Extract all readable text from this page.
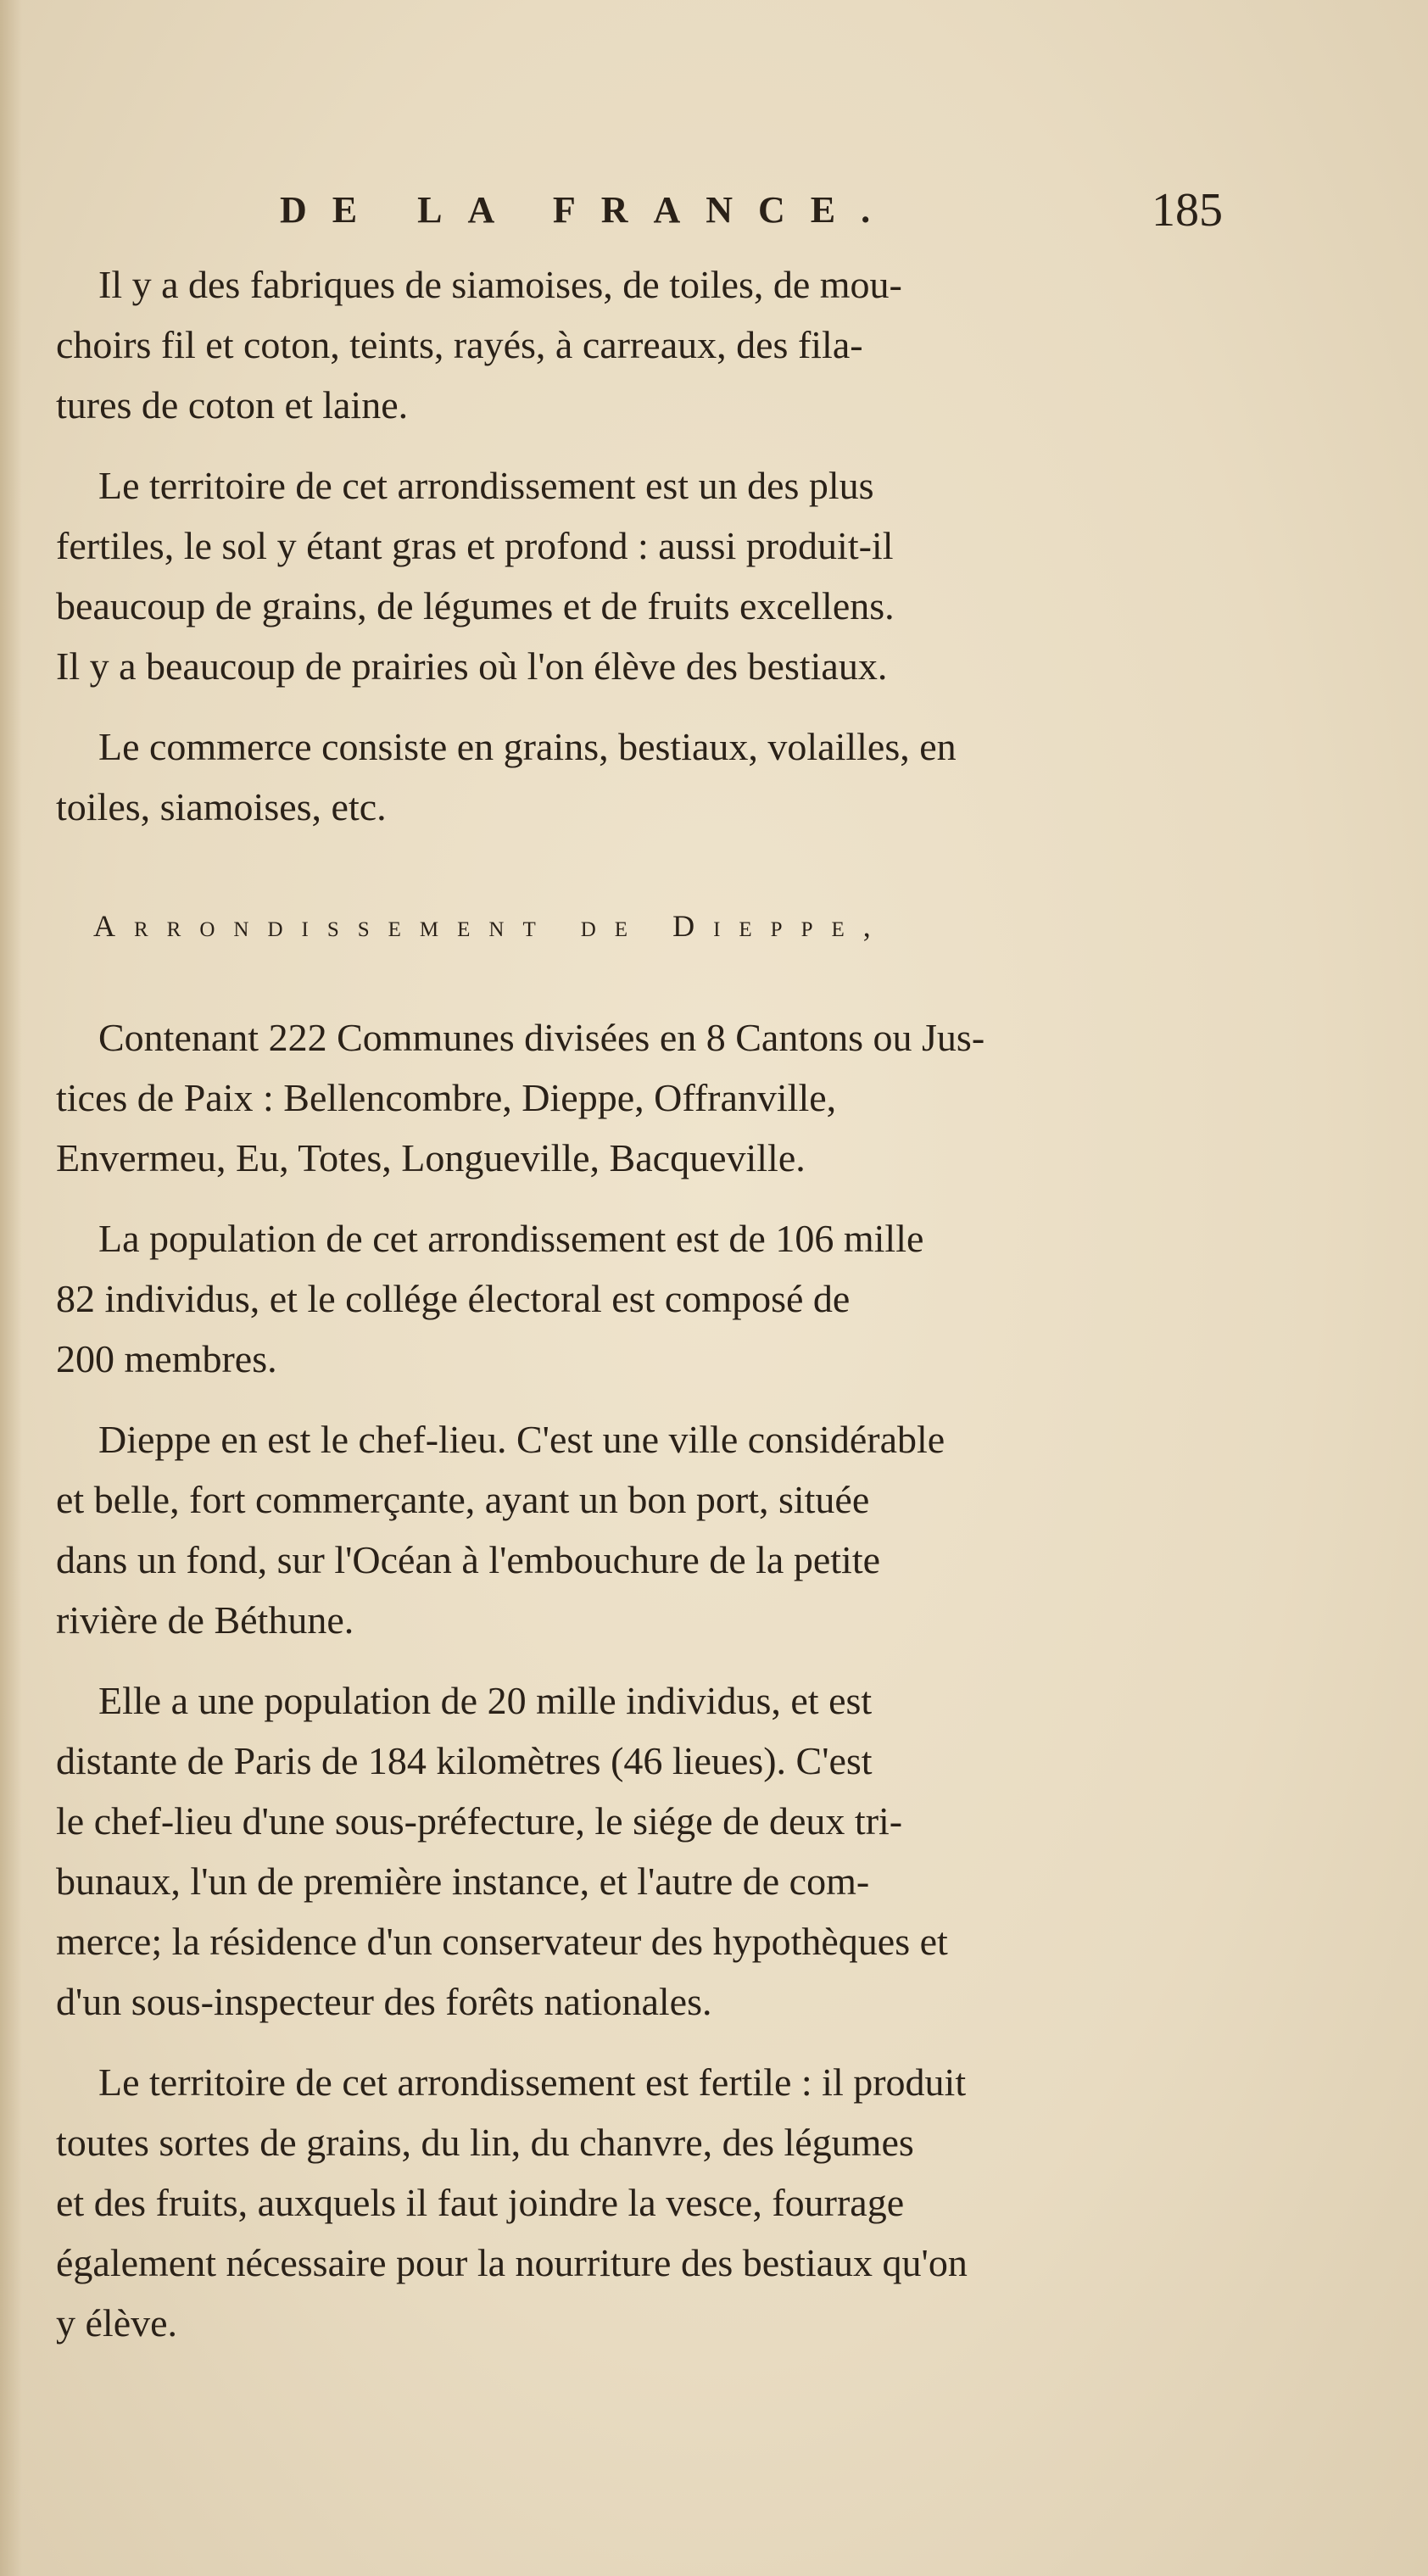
DE LA FRANCE.	185
Il y a des fabriques de siamoises, de toiles, de mou-
choirs fil et coton, teints, rayés, à carreaux, des fila-
tures de coton et laine.
Le territoire de cet arrondissement est un des plus
fertiles, le sol y étant gras et profond : aussi produit-il
beaucoup de grains, de légumes et de fruits excellens.
Il y a beaucoup de prairies où l'on élève des bestiaux.
Le commerce consiste en grains, bestiaux, volailles, en
toiles, siamoises, etc.
Arrondissement de Dieppe,
Contenant 222 Communes divisées en 8 Cantons ou Jus-
tices de Paix : Bellencombre, Dieppe, Offranville,
Envermeu, Eu, Totes, Longueville, Bacqueville.
La population de cet arrondissement est de 106 mille
82 individus, et le collége électoral est composé de
200 membres.
Dieppe en est le chef-lieu. C'est une ville considérable
et belle, fort commerçante, ayant un bon port, située
dans un fond, sur l'Océan à l'embouchure de la petite
rivière de Béthune.
Elle a une population de 20 mille individus, et est
distante de Paris de 184 kilomètres (46 lieues). C'est
le chef-lieu d'une sous-préfecture, le siége de deux tri-
bunaux, l'un de première instance, et l'autre de com-
merce; la résidence d'un conservateur des hypothèques et
d'un sous-inspecteur des forêts nationales.
Le territoire de cet arrondissement est fertile : il produit
toutes sortes de grains, du lin, du chanvre, des légumes
et des fruits, auxquels il faut joindre la vesce, fourrage
également nécessaire pour la nourriture des bestiaux qu'on
y élève.
